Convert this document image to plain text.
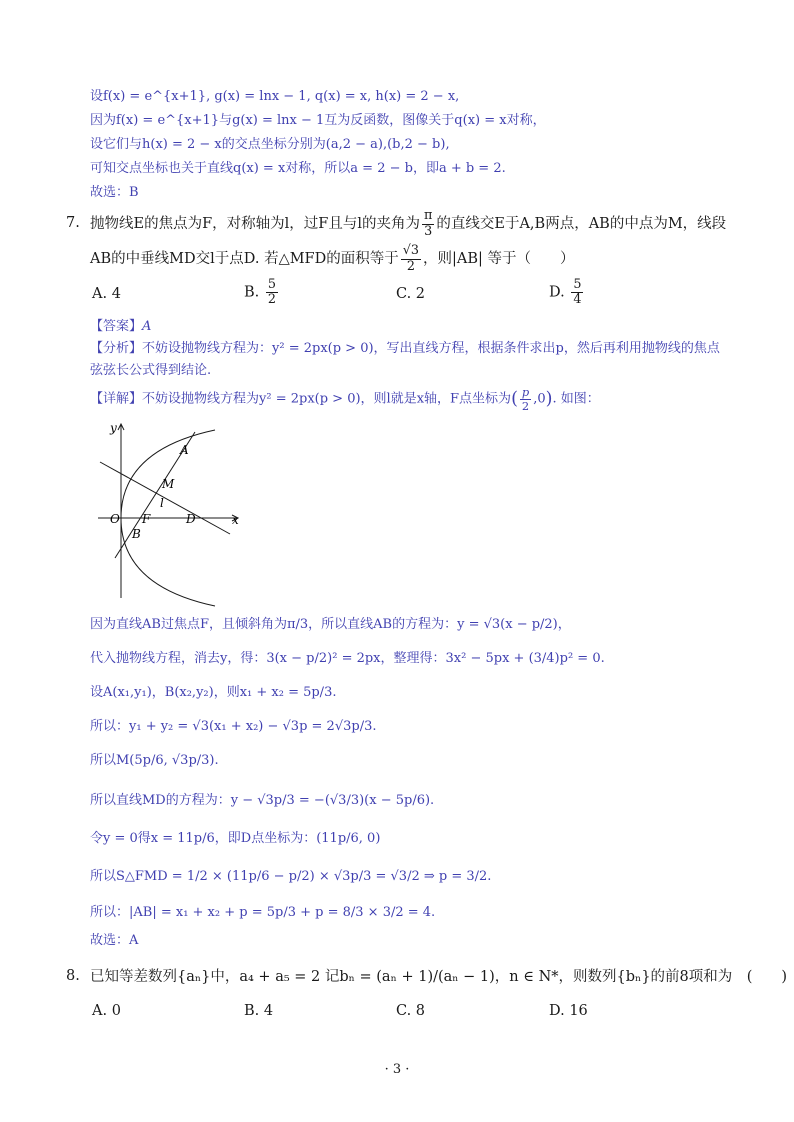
设f(x) = e^{x+1}, g(x) = lnx − 1, q(x) = x, h(x) = 2 − x,
因为f(x) = e^{x+1}与g(x) = lnx − 1互为反函数，图像关于q(x) = x对称，
设它们与h(x) = 2 − x的交点坐标分别为(a,2 − a),(b,2 − b),
可知交点坐标也关于直线q(x) = x对称，所以a = 2 − b，即a + b = 2.
故选：B
7. 抛物线E的焦点为F，对称轴为l，过F且与l的夹角为 $\frac{\pi}{3}$ 的直线交E于A,B两点，AB的中点为M，线段
AB的中垂线MD交l于点D. 若△MFD的面积等于 $\frac{√3}{2}$ ，则|AB| 等于（　　）
A. 4	B. $\frac{5}{2}$	C. 2	D. $\frac{5}{4}$
【答案】A
【分析】不妨设抛物线方程为：y² = 2px(p > 0)，写出直线方程，根据条件求出p，然后再利用抛物线的焦点
弦弦长公式得到结论.
【详解】不妨设抛物线方程为y² = 2px(p > 0)，则l就是x轴，F点坐标为( $\frac{p}{2} ,0$). 如图：
y
x
O
A
M
l
F	D
B
因为直线AB过焦点F，且倾斜角为π/3，所以直线AB的方程为：y = √3(x − p/2)，
代入抛物线方程，消去y，得：3(x − p/2)² = 2px，整理得：3x² − 5px + (3/4)p² = 0.
设A(x₁,y₁)，B(x₂,y₂)，则x₁ + x₂ = 5p/3.
所以：y₁ + y₂ = √3(x₁ + x₂) − √3p = 2√3p/3.
所以M(5p/6, √3p/3).
所以直线MD的方程为：y − √3p/3 = −(√3/3)(x − 5p/6).
令y = 0得x = 11p/6，即D点坐标为：(11p/6, 0)
所以S△FMD = 1/2 × (11p/6 − p/2) × √3p/3 = √3/2 ⇒ p = 3/2.
所以：|AB| = x₁ + x₂ + p = 5p/3 + p = 8/3 × 3/2 = 4.
故选：A
8. 已知等差数列{aₙ}中，a₄ + a₅ = 2 记bₙ = (aₙ + 1)/(aₙ − 1)，n ∈ N*，则数列{bₙ}的前8项和为　(　　)
A. 0	B. 4	C. 8	D. 16
· 3 ·
